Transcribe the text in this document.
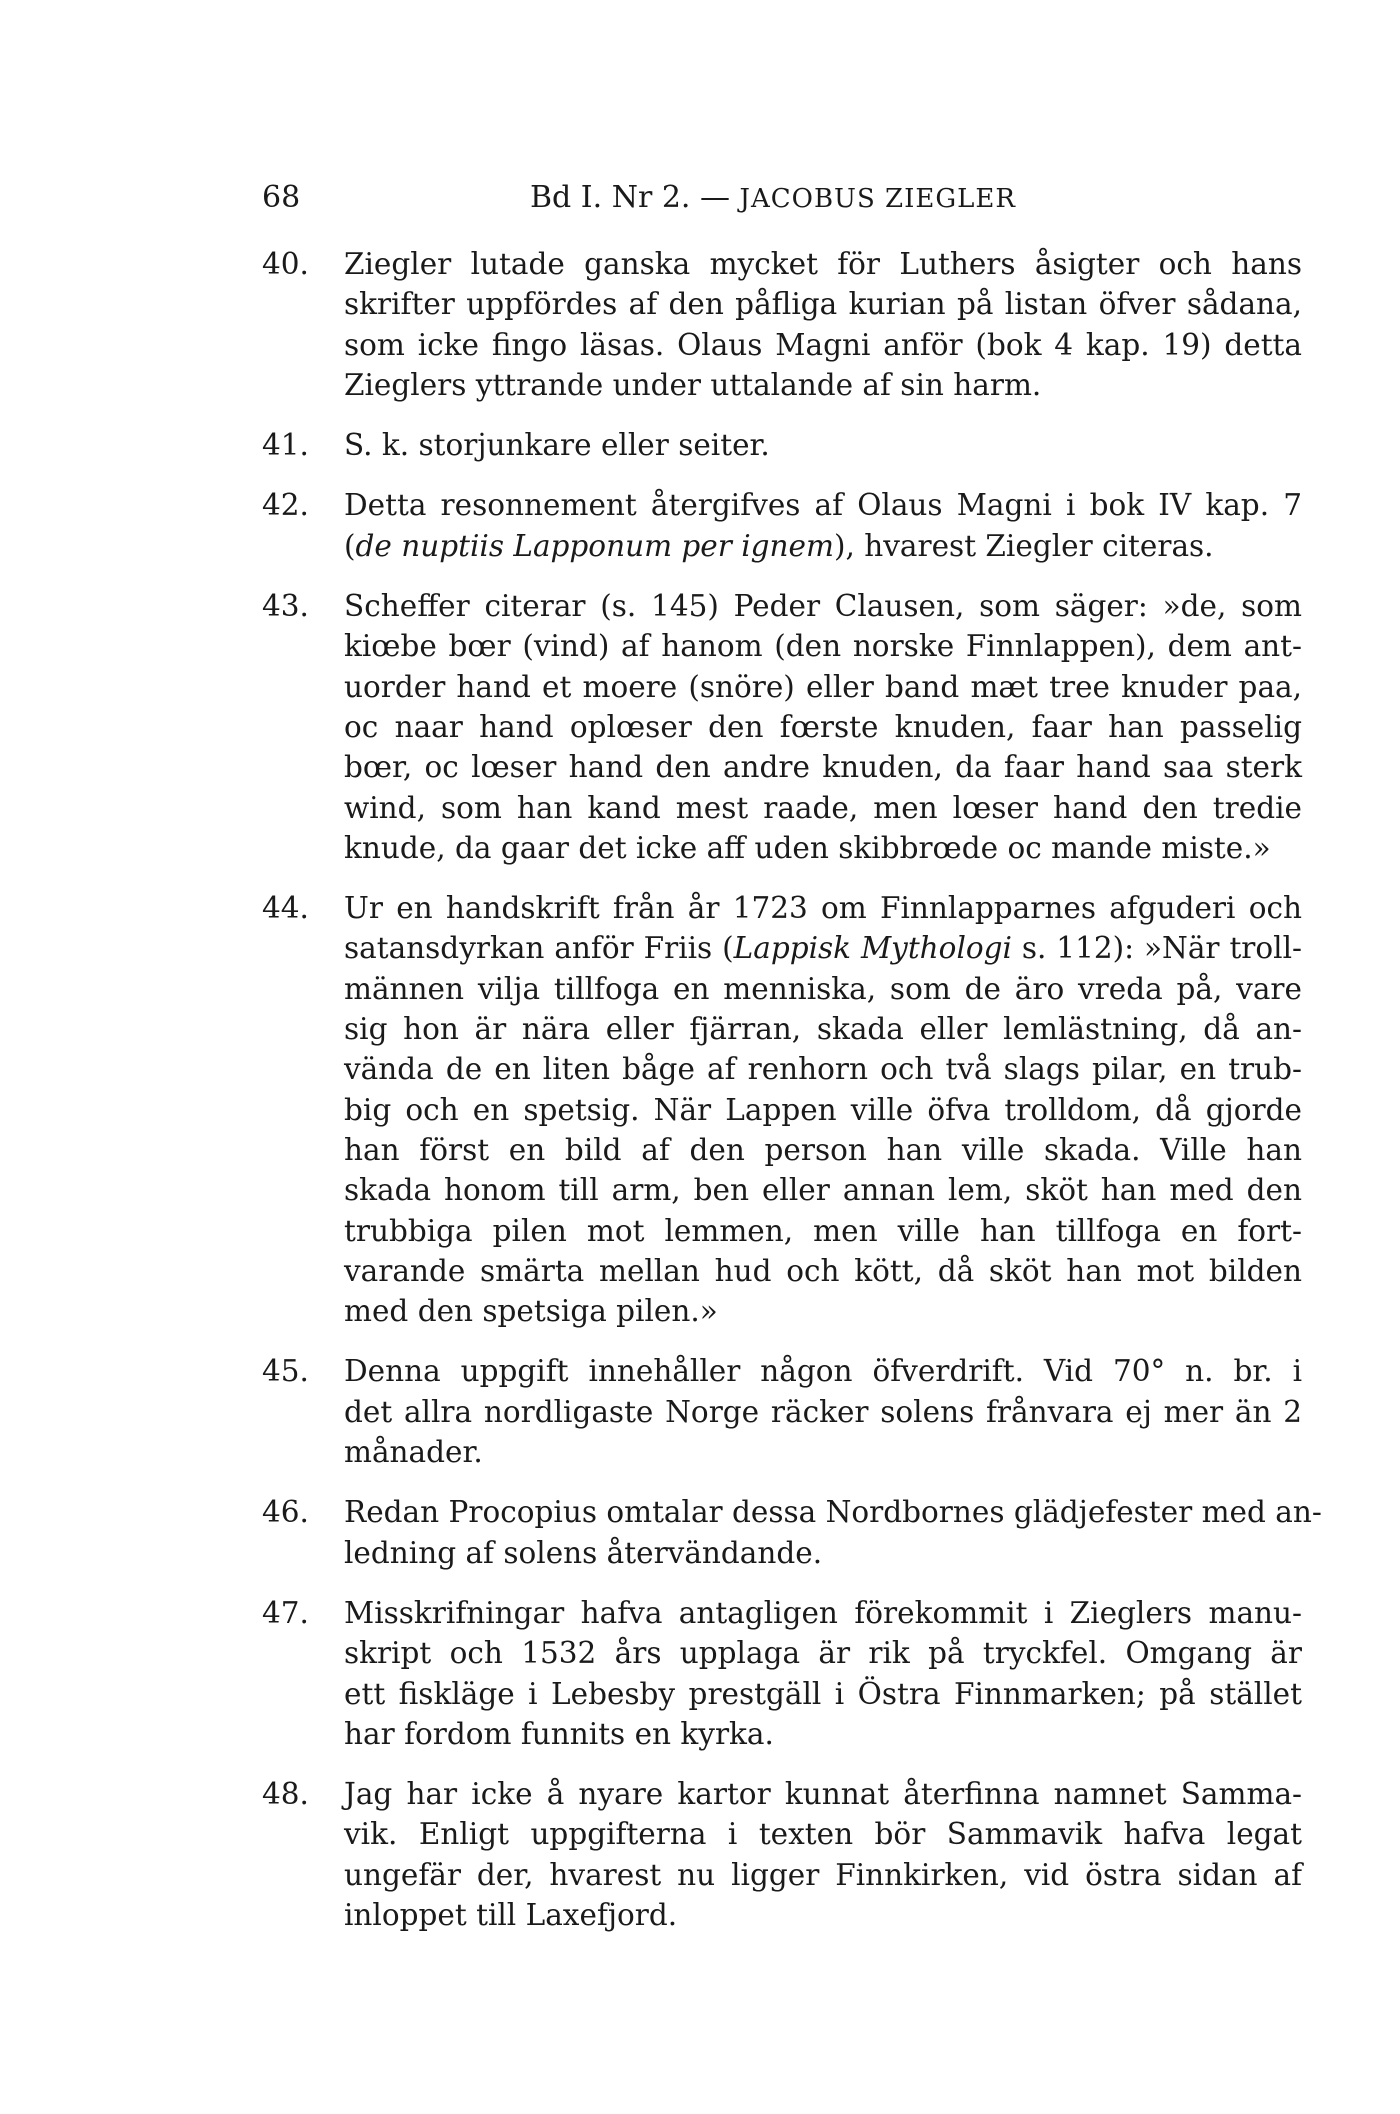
68	Bd I. Nr 2. — JACOBUS ZIEGLER
40.	Ziegler lutade ganska mycket för Luthers åsigter och hans
skrifter uppfördes af den påfliga kurian på listan öfver sådana,
som icke fingo läsas. Olaus Magni anför (bok 4 kap. 19) detta
Zieglers yttrande under uttalande af sin harm.
41.	S. k. storjunkare eller seiter.
42.	Detta resonnement återgifves af Olaus Magni i bok IV kap. 7
(de nuptiis Lapponum per ignem), hvarest Ziegler citeras.
43.	Scheffer citerar (s. 145) Peder Clausen, som säger: »de, som
kiœbe bœr (vind) af hanom (den norske Finnlappen), dem ant-
uorder hand et moere (snöre) eller band mæt tree knuder paa,
oc naar hand oplœser den fœrste knuden, faar han passelig
bœr, oc lœser hand den andre knuden, da faar hand saa sterk
wind, som han kand mest raade, men lœser hand den tredie
knude, da gaar det icke aff uden skibbrœde oc mande miste.»
44.	Ur en handskrift från år 1723 om Finnlapparnes afguderi och
satansdyrkan anför Friis (Lappisk Mythologi s. 112): »När troll-
männen vilja tillfoga en menniska, som de äro vreda på, vare
sig hon är nära eller fjärran, skada eller lemlästning, då an-
vända de en liten båge af renhorn och två slags pilar, en trub-
big och en spetsig. När Lappen ville öfva trolldom, då gjorde
han först en bild af den person han ville skada. Ville han
skada honom till arm, ben eller annan lem, sköt han med den
trubbiga pilen mot lemmen, men ville han tillfoga en fort-
varande smärta mellan hud och kött, då sköt han mot bilden
med den spetsiga pilen.»
45.	Denna uppgift innehåller någon öfverdrift. Vid 70° n. br. i
det allra nordligaste Norge räcker solens frånvara ej mer än 2
månader.
46.	Redan Procopius omtalar dessa Nordbornes glädjefester med an-
ledning af solens återvändande.
47.	Misskrifningar hafva antagligen förekommit i Zieglers manu-
skript och 1532 års upplaga är rik på tryckfel. Omgang är
ett fiskläge i Lebesby prestgäll i Östra Finnmarken; på stället
har fordom funnits en kyrka.
48.	Jag har icke å nyare kartor kunnat återfinna namnet Samma-
vik. Enligt uppgifterna i texten bör Sammavik hafva legat
ungefär der, hvarest nu ligger Finnkirken, vid östra sidan af
inloppet till Laxefjord.
